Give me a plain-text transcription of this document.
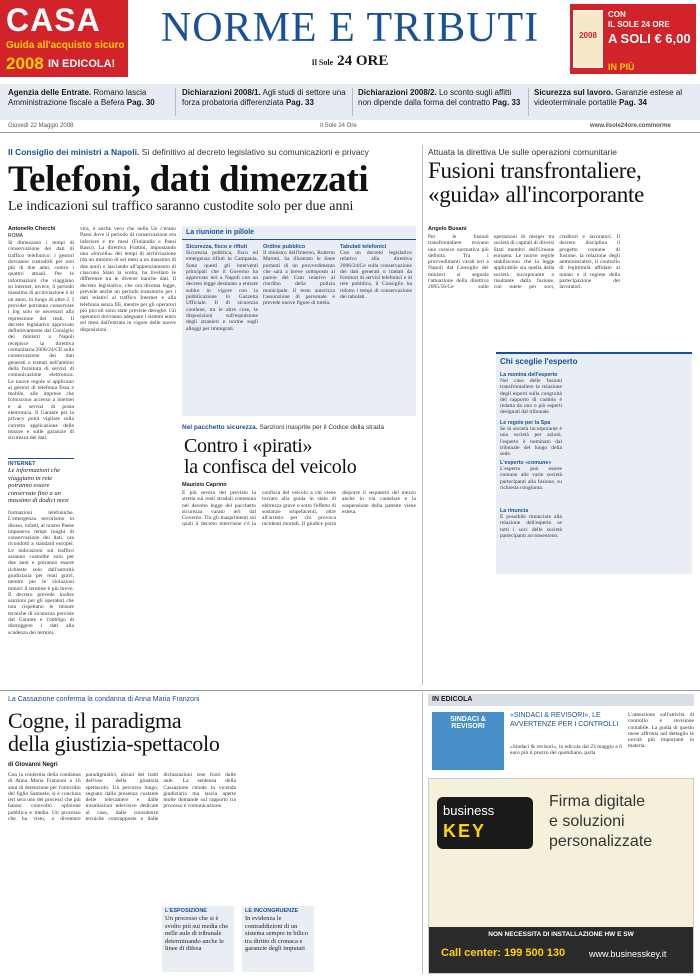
CASA
Guida all'acquisto sicuro
2008 IN EDICOLA!
NORME E TRIBUTI
Il Sole 24 ORE
2008
CON
IL SOLE 24 ORE
A SOLI € 6,00
IN PIÙ
Agenzia delle Entrate. Romano lascia Amministrazione fiscale a Befera Pag. 30
Dichiarazioni 2008/1. Agli studi di settore una forza probatoria differenziata Pag. 33
Dichiarazioni 2008/2. Lo sconto sugli affitti non dipende dalla forma del contratto Pag. 33
Sicurezza sul lavoro. Garanzie estese al videoterminale portatile Pag. 34
Giovedì 22 Maggio 2008	Il Sole 24 Ore	www.ilsole24ore.com/norme
Il Consiglio dei ministri a Napoli. Sì definitivo al decreto legislativo su comunicazioni e privacy
Telefoni, dati dimezzati
Le indicazioni sul traffico saranno custodite solo per due anni
Antonello Cherchi
ROMA
Si dimezzano i tempi di conservazione dei dati di traffico telefonico: i gestori dovranno custodirli per non più di due anni, contro i quattro attuali. Per le informazioni che viaggiano su internet, invece, il periodo massimo di archiviazione è di un anno, in luogo di oltre 2. I provider potranno conservare i log solo se necessari alla repressione dei reati. Il decreto legislativo approvato definitivamente dal Consiglio dei ministri a Napoli recepisce la direttiva comunitaria 2006/24/CE sulla conservazione dei dati generati o trattati nell'ambito della fornitura di servizi di comunicazione elettronica. Le nuove regole si applicano ai gestori di telefonia fissa e mobile, alle imprese che forniscono accesso a internet e ai servizi di posta elettronica. Il Garante per la privacy potrà vigilare sulla corretta applicazione delle misure e sulle garanzie di sicurezza dei dati.
INTERNET
Le informazioni che viaggiano in rete potranno essere conservate fino a un massimo di dodici mesi
formazioni telefoniche. L'emergenza terrorismo in disuso, infatti, al nostro Paese imponeva tempi lunghi di conservazione dei dati, ora ricondotti a standard europei. Le indicazioni sul traffico saranno custodite solo per due anni e potranno essere richieste solo dall'autorità giudiziaria per reati gravi, mentre per le violazioni minori il termine è più breve. Il decreto prevede inoltre sanzioni per gli operatori che non rispettano le misure tecniche di sicurezza previste dal Garante e l'obbligo di distruggere i dati alla scadenza dei termini.
vira, è anche vero che nella Ue c'erano Paesi dove il periodo di conservazione era inferiore e tre mesi (Finlandia e Paesi Bassi). La direttiva Frattini, impostando una «forcella» dei tempi di archiviazione (da un minimo di sei mesi a un massimo di due anni) e lasciando all'apprezzamento di ciascuno Stato la scelta, ha livellato le differenze tra le diverse banche dati. Il decreto legislativo, che ora diventa legge, prevede anche un periodo transitorio per i dati relativi al traffico Internet e alla telefonia senza fili, mentre per gli operatori più piccoli sono state previste deroghe. Gli operatori dovranno adeguare i sistemi entro sei mesi dall'entrata in vigore delle nuove disposizioni.
La riunione in pillole
Sicurezza, fisco e rifiuti
Sicurezza pubblica, fisco ed emergenza rifiuti in Campania. Sono questi gli interventi principali che il Governo ha approvato ieri a Napoli con un decreto legge destinato a entrare subito in vigore con la pubblicazione in Gazzetta Ufficiale. Il dl sicurezza contiene, tra le altre cose, le disposizioni sull'espulsione degli stranieri e norme sugli alloggi per immigrati.
Ordine pubblico
Il ministro dell'Interno, Roberto Maroni, ha illustrato le linee portanti di un provvedimento che sarà a breve sottoposto al parere del Csm relativo al riordino della polizia municipale. Il testo autorizza l'assunzione di personale e prevede nuove figure di tutela.
Tabulati telefonici
Con un decreto legislativo relativo alla direttiva 2006/24/Ce sulla conservazione dei dati generati o trattati da fornitori di servizi telefonici e di rete pubblica, il Consiglio ha ridotto i tempi di conservazione dei tabulati.
Nel pacchetto sicurezza. Sanzioni inasprite per il Codice della strada
Contro i «pirati»
la confisca del veicolo
Maurizio Caprino
È più severa del previsto la stretta sui reati stradali contenuta nel decreto legge del pacchetto sicurezza varato ieri dal Governo. Tra gli inasprimenti sui quali il decreto interviene c'è la confisca del veicolo a chi viene trovato alla guida in stato di ebbrezza grave o sotto l'effetto di sostanze stupefacenti, oltre all'arresto per chi provoca incidenti mortali. Il giudice potrà disporre il sequestro del mezzo anche in via cautelare e la sospensione della patente viene estesa.
Attuata la direttiva Ue sulle operazioni comunitarie
Fusioni transfrontaliere,
«guida» all'incorporante
Angelo Busani
Per le fusioni transfrontaliere trovano una cornice normativa più definita. Tra i provvedimenti varati ieri a Napoli dal Consiglio dei ministri si segnala l'attuazione della direttiva 2005/56/Ce sulle operazioni di merger tra società di capitali di diversi Stati membri dell'Unione europea. Le nuove regole stabiliscono che la legge applicabile sia quella della società incorporante o risultante dalla fusione, con tutele per soci, creditori e lavoratori. Il decreto disciplina il progetto comune di fusione, la relazione degli amministratori, il controllo di legittimità affidato al notaio e il regime della partecipazione dei lavoratori.
Chi sceglie l'esperto
La nomina dell'esperto
Nel caso delle fusioni transfrontaliere la relazione degli esperti sulla congruità del rapporto di cambio è redatta da uno o più esperti designati dal tribunale.
Le regole per la Spa
Se la società incorporante è una società per azioni, l'esperto è nominato dal tribunale del luogo della sede.
L'esperto «comune»
L'esperto può essere comune alle varie società partecipanti alla fusione, su richiesta congiunta.
La rinuncia
È possibile rinunciare alla relazione dell'esperto se tutti i soci delle società partecipanti acconsentono.
La Cassazione conferma la condanna di Anna Maria Franzoni
Cogne, il paradigma
della giustizia-spettacolo
di Giovanni Negri
Con la conferma della condanna di Anna Maria Franzoni a 16 anni di detenzione per l'omicidio del figlio Samuele, si è conclusa ieri sera uno dei processi che più hanno coinvolto opinione pubblica e media. Un processo che ha visto, a diventare paradigmatici, alcuni dei tratti dell'uso della giustizia spettacolo. Un percorso lungo, segnato dalla presenza costante delle telecamere e dalle trasmissioni televisive dedicate al caso, dalle consulenze tecniche contrapposte e dalle dichiarazioni rese fuori dalle aule. La sentenza della Cassazione chiude la vicenda giudiziaria ma lascia aperte molte domande sul rapporto tra processo e comunicazione.
L'ESPOSIZIONE
Un processo che si è svolto più sui media che nelle aule di tribunale determinando anche le linee di difesa
LE INCONGRUENZE
In evidenza le contraddizioni di un sistema sempre in bilico tra diritto di cronaca e garanzie degli imputati
IN EDICOLA
SINDACI & REVISORI
«SINDACI & REVISORI», LE AVVERTENZE PER I CONTROLLI
«Sindaci & revisori», in edicola dal 23 maggio a 6 euro più il prezzo del quotidiano, parla
L'attenzione sull'attività di controllo e revisione contabile. La guida di questo mese affronta nel dettaglio le novità più importanti in materia.
business
KEY
Firma digitale
e soluzioni
personalizzate
NON NECESSITA DI INSTALLAZIONE HW E SW
Call center: 199 500 130	www.businesskey.it
